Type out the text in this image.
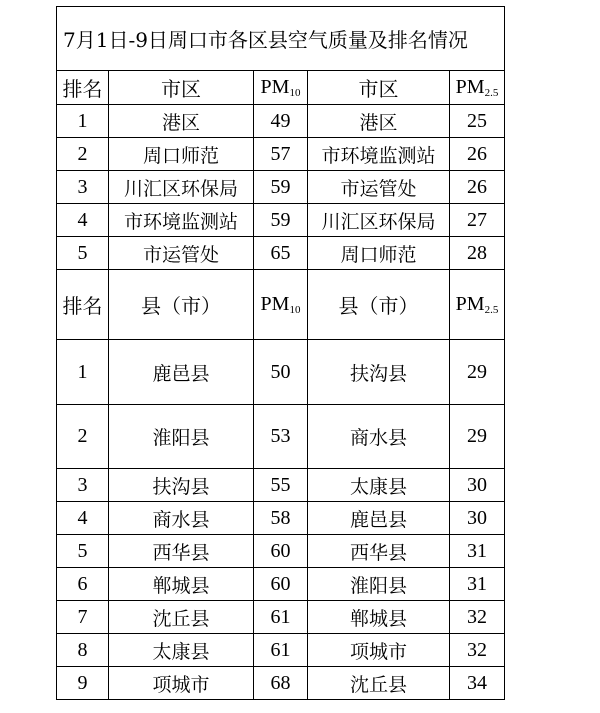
7月1日-9日周口市各区县空气质量及排名情况				
排名	市区	$PM_{10}$	市区	$PM_{2.5}$
1	港区	49	港区	25
2	周口师范	57	市环境监测站	26
3	川汇区环保局	59	市运管处	26
4	市环境监测站	59	川汇区环保局	27
5	市运管处	65	周口师范	28
排名	县（市）	$PM_{10}$	县（市）	$PM_{2.5}$
1	鹿邑县	50	扶沟县	29
2	淮阳县	53	商水县	29
3	扶沟县	55	太康县	30
4	商水县	58	鹿邑县	30
5	西华县	60	西华县	31
6	郸城县	60	淮阳县	31
7	沈丘县	61	郸城县	32
8	太康县	61	项城市	32
9	项城市	68	沈丘县	34
